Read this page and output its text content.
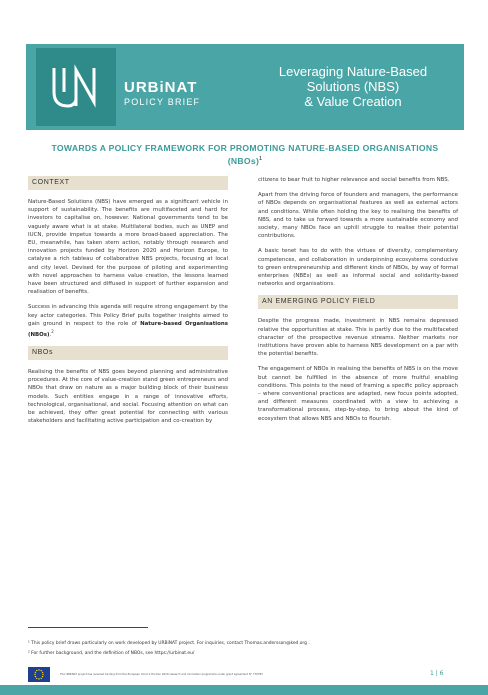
URBiNAT
POLICY BRIEF
Leveraging Nature-Based
Solutions (NBS)
& Value Creation
TOWARDS A POLICY FRAMEWORK FOR PROMOTING NATURE-BASED ORGANISATIONS (NBOs)$^1$
CONTEXT

Nature-Based Solutions (NBS) have emerged as a significant vehicle in support of sustainability. The benefits are multifaceted and hard for investors to capitalise on, however. National governments tend to be vaguely aware what is at stake. Multilateral bodies, such as UNEP and IUCN, provide impetus towards a more broad-based appreciation. The EU, meanwhile, has taken stern action, notably through research and innovation projects funded by Horizon 2020 and Horizon Europe, to catalyse a rich tableau of collaborative NBS projects, focusing at local and city level. Devised for the purpose of piloting and experimenting with novel approaches to harness value creation, the lessons learned have been structured and diffused in support of further expansion and realisation of benefits.

Success in advancing this agenda will require strong engagement by the key actor categories. This Policy Brief pulls together insights aimed to gain ground in respect to the role of Nature-based Organisations (NBOs).$^2$

NBOs

Realising the benefits of NBS goes beyond planning and administrative procedures. At the core of value-creation stand green entrepreneurs and NBOs that draw on nature as a major building block of their business models. Such entities engage in a range of innovative efforts, technological, organisational, and social. Focusing attention on what can be achieved, they offer great potential for connecting with various stakeholders and facilitating active participation and co-creation by

citizens to bear fruit to higher relevance and social benefits from NBS.

Apart from the driving force of founders and managers, the performance of NBOs depends on organisational features as well as external actors and conditions. While often holding the key to realising the benefits of NBS, and to take us forward towards a more sustainable economy and society, many NBOs face an uphill struggle to realise their potential contributions.

A basic tenet has to do with the virtues of diversity, complementary competences, and collaboration in underpinning ecosystems conducive to green entrepreneurship and different kinds of NBOs, by way of formal enterprises (NBEs) as well as informal social and solidarity-based networks and organisations.

AN EMERGING POLICY FIELD

Despite the progress made, investment in NBS remains depressed relative the opportunities at stake. This is partly due to the multifaceted character of the prospective revenue streams. Neither markets nor institutions have proven able to harness NBS development on a par with the potential benefits.

The engagement of NBOs in realising the benefits of NBS is on the move but cannot be fulfilled in the absence of more fruitful enabling conditions. This points to the need of framing a specific policy approach – where conventional practices are adapted, new focus points adopted, and different measures coordinated with a view to achieving a transformational process, step-by-step, to bring about the kind of ecosystem that allows NBS and NBOs to flourish.

¹ This policy brief draws particularly on work developed by URBiNAT project. For inquiries, contact Thomas.andersson@ked.org .
² For further background, and the definition of NBOs, see https://urbinat.eu/
The URBiNAT project has received funding from the European Union's Horizon 2020 research and innovation programme under grant agreement N° 776783	1 | 6
